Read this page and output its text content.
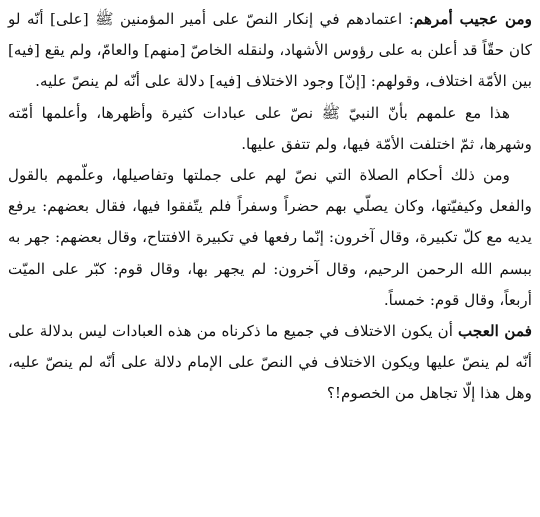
ومن عجيب أمرهم: اعتمادهم في إنكار النصّ على أمير المؤمنين ﷺ [على] أنّه لو كان حقّاً قد أعلن به على رؤوس الأشهاد، ولنقله الخاصّ [منهم] والعامّ، ولم يقع [فيه] بين الأمّة اختلاف، وقولهم: [إنّ] وجود الاختلاف [فيه] دلالة على أنّه لم ينصّ عليه.

هذا مع علمهم بأنّ النبيّ ﷺ نصّ على عبادات كثيرة وأظهرها، وأعلمها أمّته وشهرها، ثمّ اختلفت الأمّة فيها، ولم تتفق عليها.

ومن ذلك أحكام الصلاة التي نصّ لهم على جملتها وتفاصيلها، وعلّمهم بالقول والفعل وكيفيّتها، وكان يصلّي بهم حضراً وسفراً فلم يتّفقوا فيها، فقال بعضهم: يرفع يديه مع كلّ تكبيرة، وقال آخرون: إنّما رفعها في تكبيرة الافتتاح، وقال بعضهم: جهر به ببسم الله الرحمن الرحيم، وقال آخرون: لم يجهر بها، وقال قوم: كبّر على الميّت أربعاً، وقال قوم: خمساً.

فمن العجب أن يكون الاختلاف في جميع ما ذكرناه من هذه العبادات ليس بدلالة على أنّه لم ينصّ عليها ويكون الاختلاف في النصّ على الإمام دلالة على أنّه لم ينصّ عليه، وهل هذا إلّا تجاهل من الخصوم!؟
